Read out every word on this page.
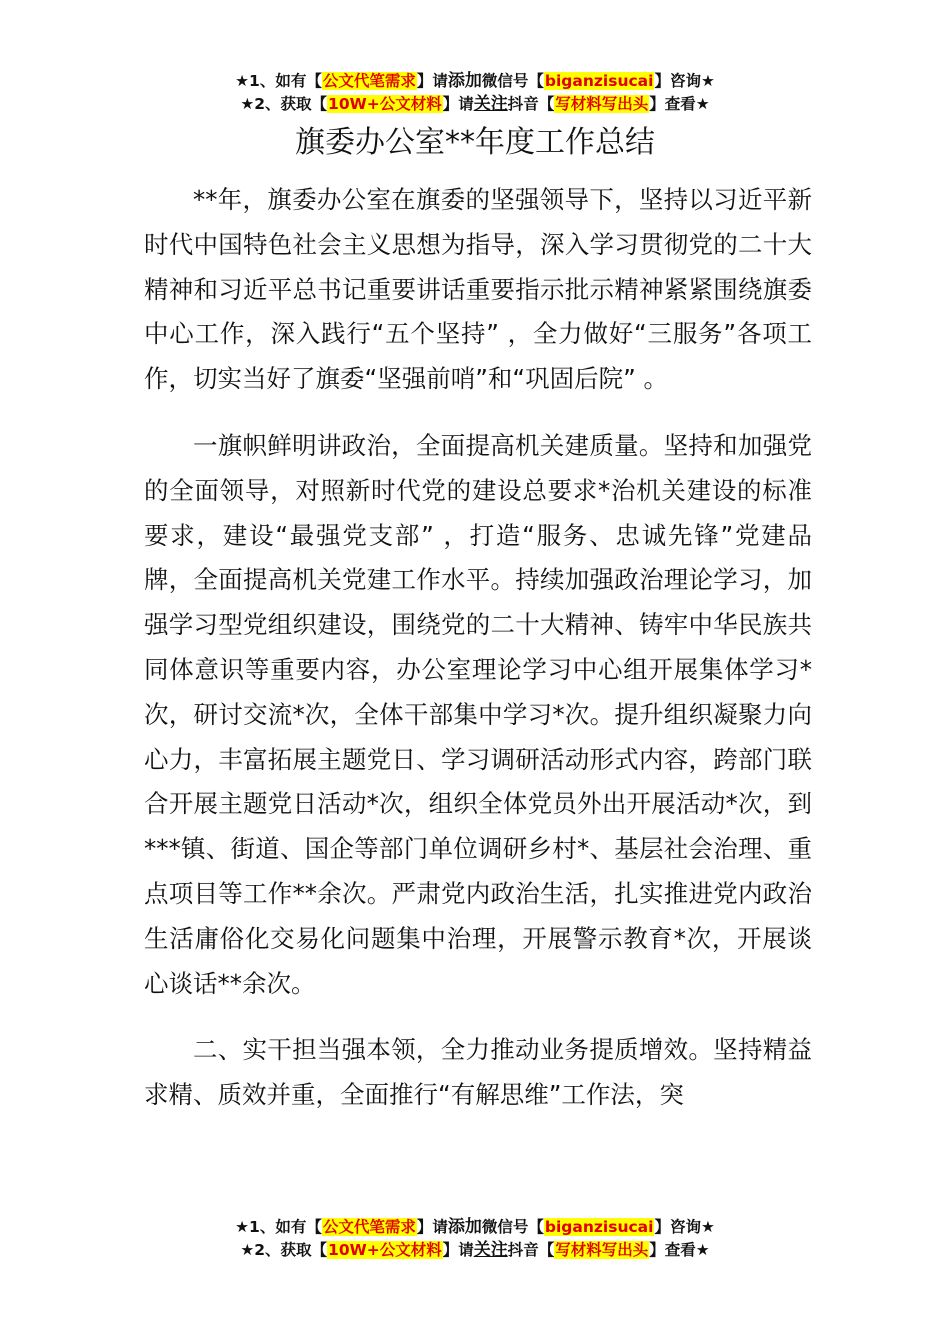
★1、如有【公文代笔需求】请添加微信号【biganzisucai】咨询★
★2、获取【10W+公文材料】请关注抖音【写材料写出头】查看★
旗委办公室**年度工作总结

**年，旗委办公室在旗委的坚强领导下，坚持以习近平新时代中国特色社会主义思想为指导，深入学习贯彻党的二十大精神和习近平总书记重要讲话重要指示批示精神紧紧围绕旗委中心工作，深入践行“五个坚持” ，全力做好“三服务”各项工作，切实当好了旗委“坚强前哨”和“巩固后院” 。

一旗帜鲜明讲政治，全面提高机关建质量。坚持和加强党的全面领导，对照新时代党的建设总要求*治机关建设的标准要求，建设“最强党支部” ，打造“服务、忠诚先锋”党建品牌，全面提高机关党建工作水平。持续加强政治理论学习，加强学习型党组织建设，围绕党的二十大精神、铸牢中华民族共同体意识等重要内容，办公室理论学习中心组开展集体学习*次，研讨交流*次，全体干部集中学习*次。提升组织凝聚力向心力，丰富拓展主题党日、学习调研活动形式内容，跨部门联合开展主题党日活动*次，组织全体党员外出开展活动*次，到***镇、街道、国企等部门单位调研乡村*、基层社会治理、重点项目等工作**余次。严肃党内政治生活，扎实推进党内政治生活庸俗化交易化问题集中治理，开展警示教育*次，开展谈心谈话**余次。

二、实干担当强本领，全力推动业务提质增效。坚持精益求精、质效并重，全面推行“有解思维”工作法，突

★1、如有【公文代笔需求】请添加微信号【biganzisucai】咨询★
★2、获取【10W+公文材料】请关注抖音【写材料写出头】查看★
